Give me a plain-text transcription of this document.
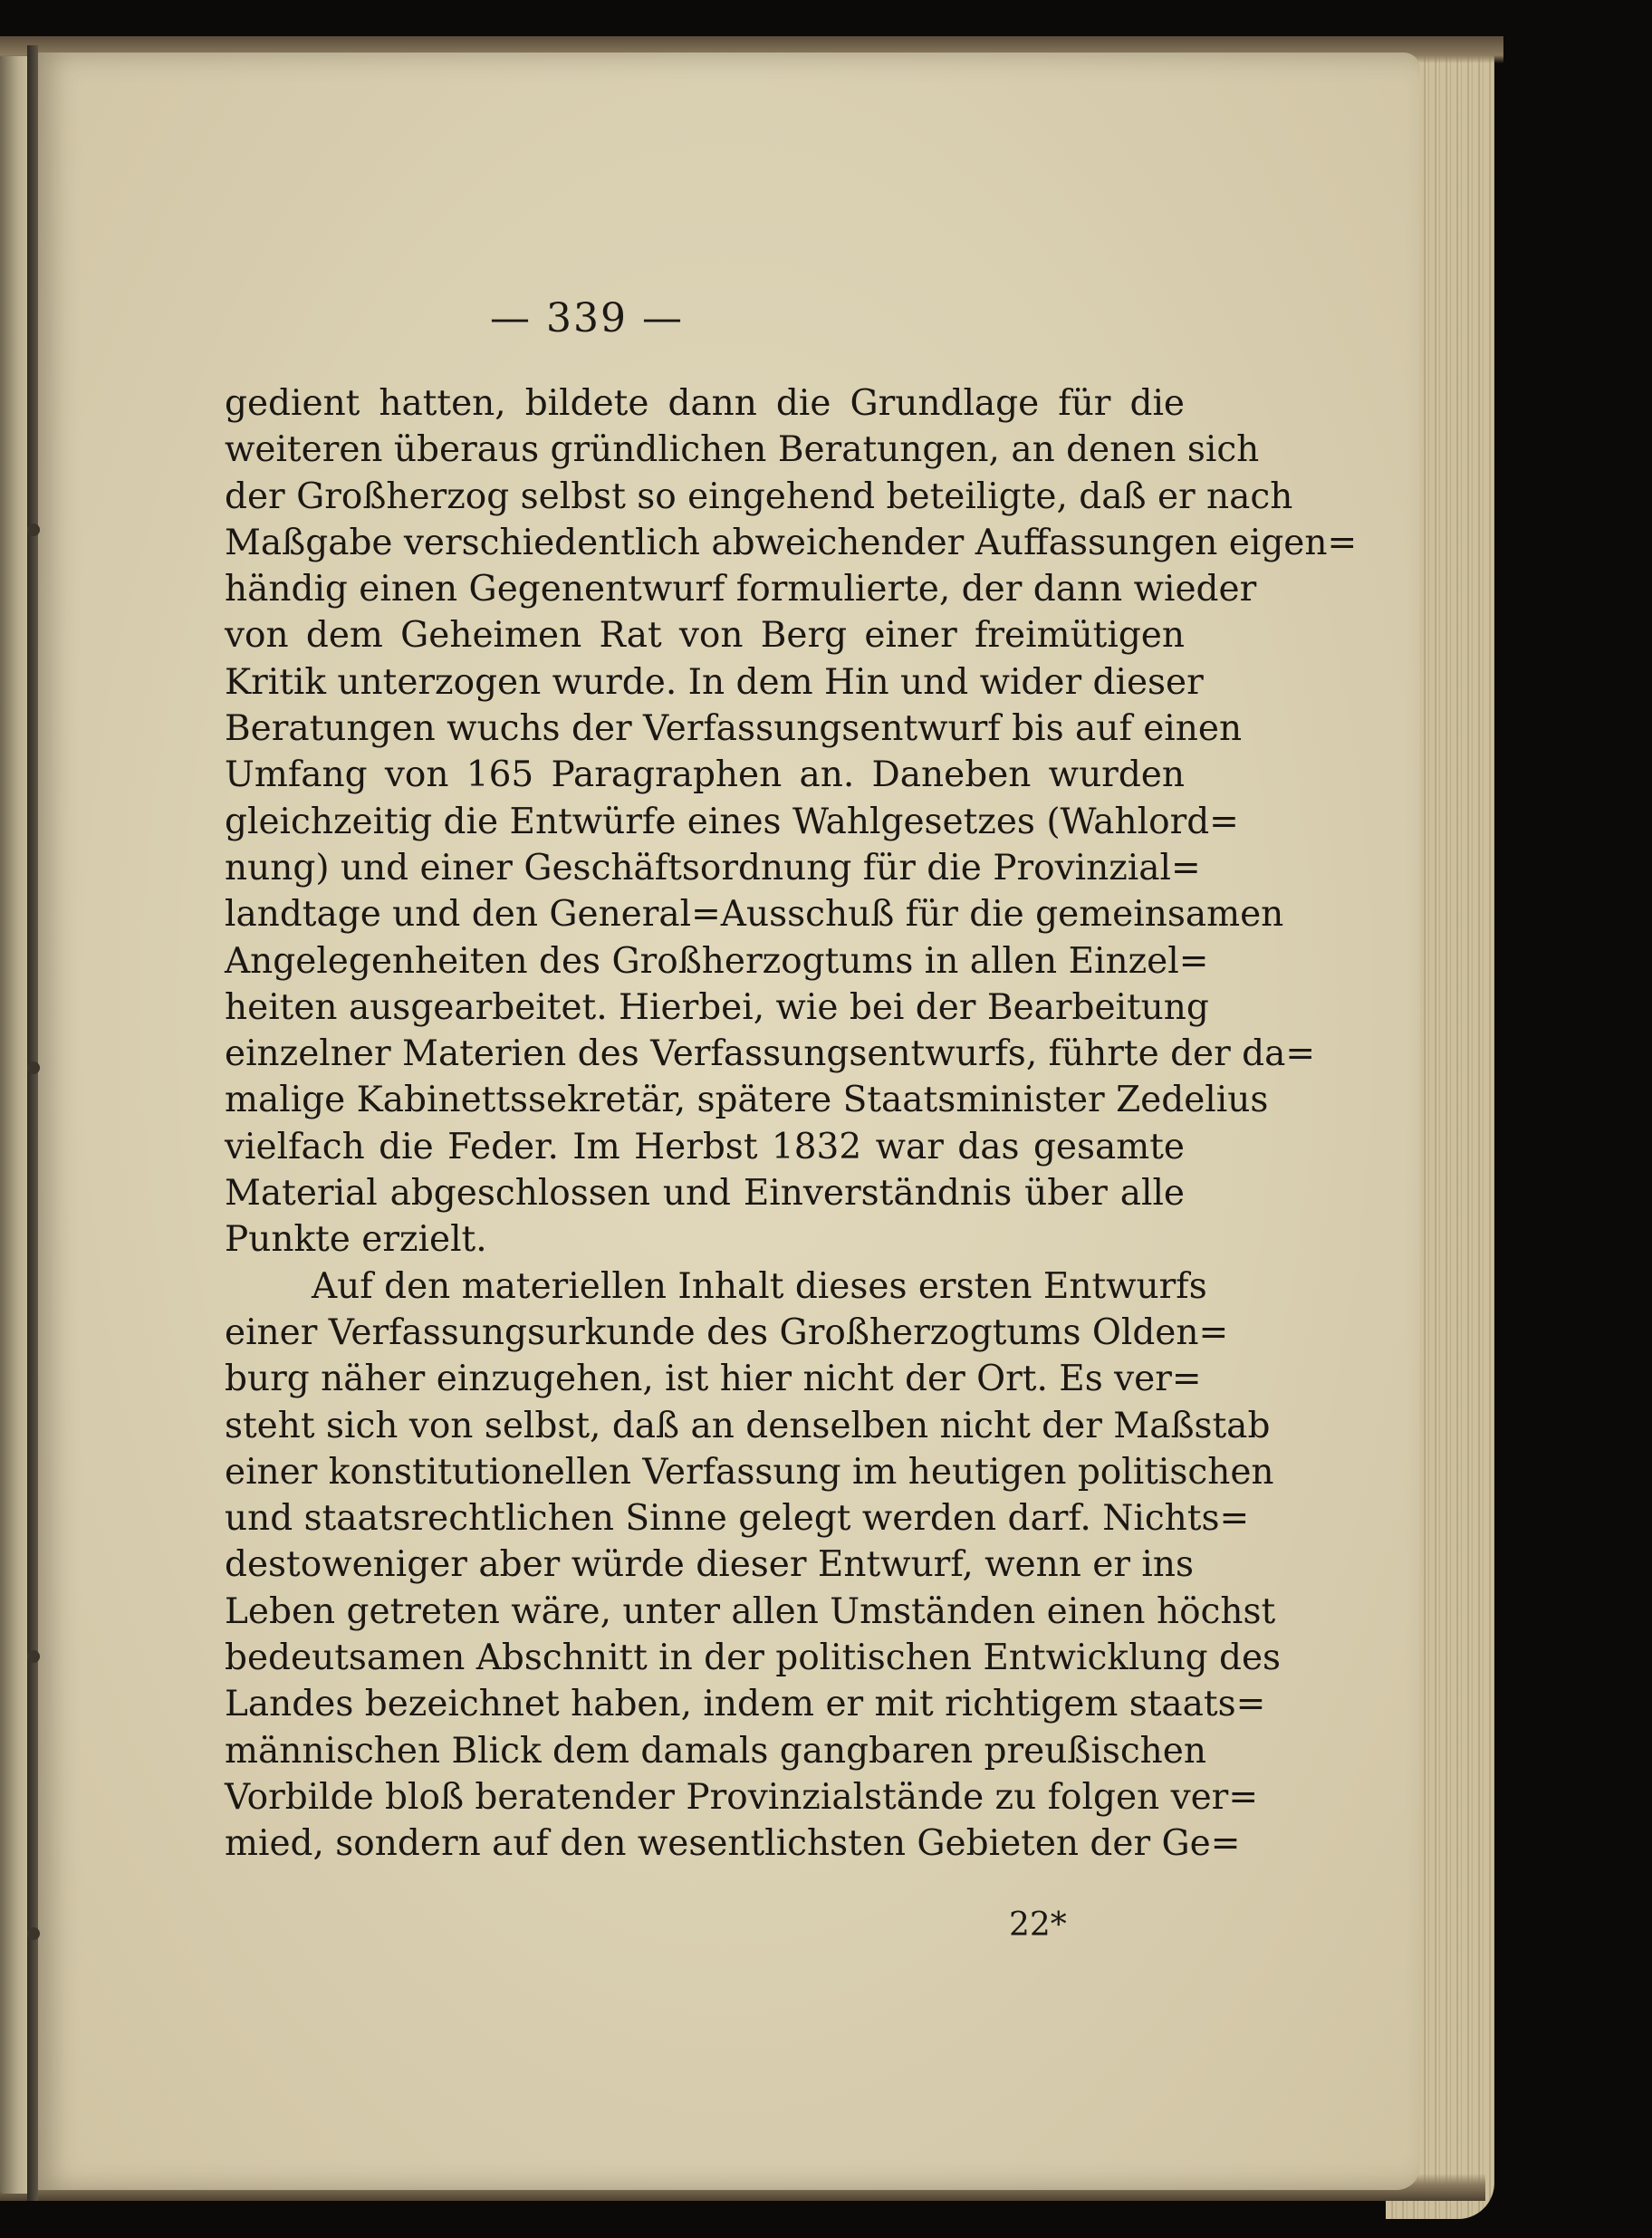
— 339 —
gedient hatten, bildete dann die Grundlage für die
weiteren überaus gründlichen Beratungen, an denen sich
der Großherzog selbst so eingehend beteiligte, daß er nach
Maßgabe verschiedentlich abweichender Auffassungen eigen=
händig einen Gegenentwurf formulierte, der dann wieder
von dem Geheimen Rat von Berg einer freimütigen
Kritik unterzogen wurde. In dem Hin und wider dieser
Beratungen wuchs der Verfassungsentwurf bis auf einen
Umfang von 165 Paragraphen an. Daneben wurden
gleichzeitig die Entwürfe eines Wahlgesetzes (Wahlord=
nung) und einer Geschäftsordnung für die Provinzial=
landtage und den General=Ausschuß für die gemeinsamen
Angelegenheiten des Großherzogtums in allen Einzel=
heiten ausgearbeitet. Hierbei, wie bei der Bearbeitung
einzelner Materien des Verfassungsentwurfs, führte der da=
malige Kabinettssekretär, spätere Staatsminister Zedelius
vielfach die Feder. Im Herbst 1832 war das gesamte
Material abgeschlossen und Einverständnis über alle
Punkte erzielt.
Auf den materiellen Inhalt dieses ersten Entwurfs
einer Verfassungsurkunde des Großherzogtums Olden=
burg näher einzugehen, ist hier nicht der Ort. Es ver=
steht sich von selbst, daß an denselben nicht der Maßstab
einer konstitutionellen Verfassung im heutigen politischen
und staatsrechtlichen Sinne gelegt werden darf. Nichts=
destoweniger aber würde dieser Entwurf, wenn er ins
Leben getreten wäre, unter allen Umständen einen höchst
bedeutsamen Abschnitt in der politischen Entwicklung des
Landes bezeichnet haben, indem er mit richtigem staats=
männischen Blick dem damals gangbaren preußischen
Vorbilde bloß beratender Provinzialstände zu folgen ver=
mied, sondern auf den wesentlichsten Gebieten der Ge=
22*
